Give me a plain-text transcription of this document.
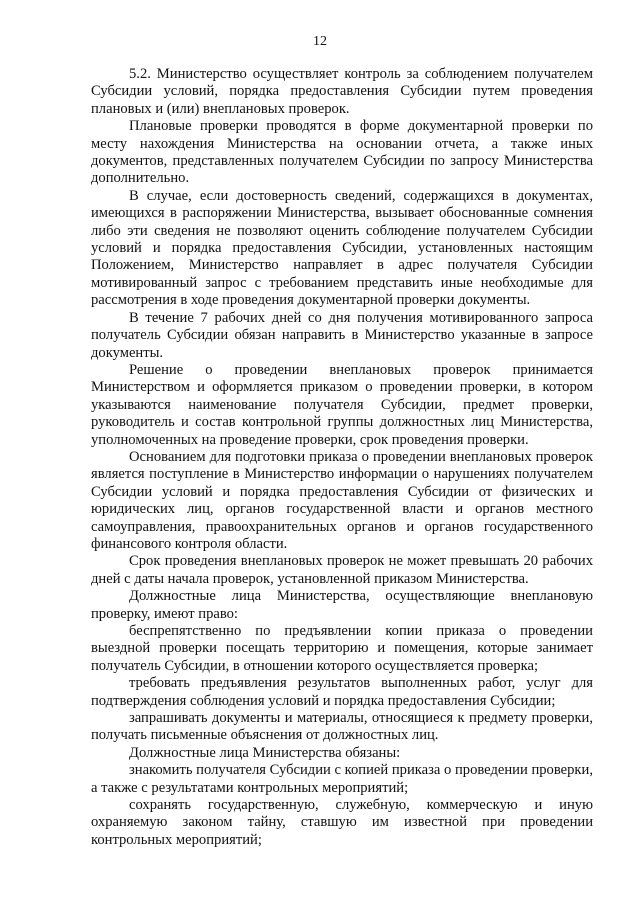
12

5.2. Министерство осуществляет контроль за соблюдением получателем Субсидии условий, порядка предоставления Субсидии путем проведения плановых и (или) внеплановых проверок.

Плановые проверки проводятся в форме документарной проверки по месту нахождения Министерства на основании отчета, а также иных документов, представленных получателем Субсидии по запросу Министерства дополнительно.

В случае, если достоверность сведений, содержащихся в документах, имеющихся в распоряжении Министерства, вызывает обоснованные сомнения либо эти сведения не позволяют оценить соблюдение получателем Субсидии условий и порядка предоставления Субсидии, установленных настоящим Положением, Министерство направляет в адрес получателя Субсидии мотивированный запрос с требованием представить иные необходимые для рассмотрения в ходе проведения документарной проверки документы.

В течение 7 рабочих дней со дня получения мотивированного запроса получатель Субсидии обязан направить в Министерство указанные в запросе документы.

Решение о проведении внеплановых проверок принимается Министерством и оформляется приказом о проведении проверки, в котором указываются наименование получателя Субсидии, предмет проверки, руководитель и состав контрольной группы должностных лиц Министерства, уполномоченных на проведение проверки, срок проведения проверки.

Основанием для подготовки приказа о проведении внеплановых проверок является поступление в Министерство информации о нарушениях получателем Субсидии условий и порядка предоставления Субсидии от физических и юридических лиц, органов государственной власти и органов местного самоуправления, правоохранительных органов и органов государственного финансового контроля области.

Срок проведения внеплановых проверок не может превышать 20 рабочих дней с даты начала проверок, установленной приказом Министерства.

Должностные лица Министерства, осуществляющие внеплановую проверку, имеют право:

беспрепятственно по предъявлении копии приказа о проведении выездной проверки посещать территорию и помещения, которые занимает получатель Субсидии, в отношении которого осуществляется проверка;

требовать предъявления результатов выполненных работ, услуг для подтверждения соблюдения условий и порядка предоставления Субсидии;

запрашивать документы и материалы, относящиеся к предмету проверки, получать письменные объяснения от должностных лиц.

Должностные лица Министерства обязаны:

знакомить получателя Субсидии с копией приказа о проведении проверки, а также с результатами контрольных мероприятий;

сохранять государственную, служебную, коммерческую и иную охраняемую законом тайну, ставшую им известной при проведении контрольных мероприятий;
